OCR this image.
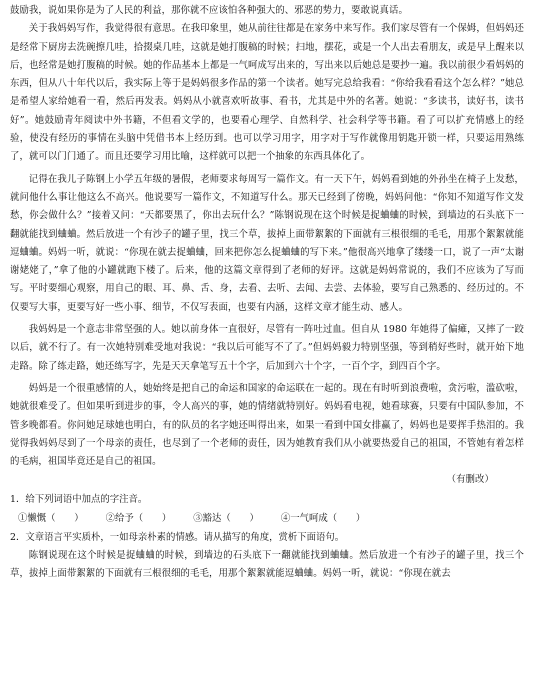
鼓励我，说如果你是为了人民的利益，那你就不应该怕各种强大的、邪恶的势力，要敢说真话。

关于我妈妈写作，我觉得很有意思。在我印象里，她从前往往都是在家务中来写作。我们家尽管有一个保姆，但妈妈还是经常下厨房去洗碗擦几哇，拾掇桌几哇，这就是她打腹稿的时候；扫地，摆花，或是一个人出去看朋友，或是早上醒来以后，也经常是她打腹稿的时候。她的作品基本上都是一气呵成写出来的，写出来以后她总是要抄一遍。我以前很少看妈妈的东西，但从八十年代以后，我实际上等于是妈妈很多作品的第一个读者。她写完总给我看：“你给我看看这个怎么样？”她总是希望人家给她看一看，然后再发表。妈妈从小就喜欢听故事、看书，尤其是中外的名著。她说：“多读书，读好书，读书好”。她鼓励青年阅读中外书籍，不但看文学的，也要看心理学、自然科学、社会科学等书籍。看了可以扩充情感上的经验，使没有经历的事情在头脑中凭借书本上经历到。也可以学习用字，用字对于写作就像用钥匙开锁一样，只要运用熟练了，就可以门门通了。而且还要学习用比喻，这样就可以把一个抽象的东西具体化了。

记得在我儿子陈钢上小学五年级的暑假，老师要求每周写一篇作文。有一天下午，妈妈看到她的外孙坐在椅子上发愁，就问他什么事让他这么不高兴。他说要写一篇作文，不知道写什么。那天已经到了傍晚，妈妈问他：“你知不知道写作文发愁，你会做什么？”接着又问：“天都要黑了，你出去玩什么？”陈钢说现在这个时候是捉蛐蛐的时候，到墙边的石头底下一翻就能找到蛐蛐。然后放进一个有沙子的罐子里，找三个草，拔掉上面带絮絮的下面就有三根很细的毛毛，用那个絮絮就能逗蛐蛐。妈妈一听，就说：“你现在就去捉蛐蛐，回来把你怎么捉蛐蛐的写下来。”他很高兴地拿了缕缕一口，说了一声“太谢谢姥姥了，”拿了他的小罐就跑下楼了。后来，他的这篇文章得到了老师的好评。这就是妈妈常说的，我们不应该为了写而写。平时要细心观察，用自己的眼、耳、鼻、舌、身，去看、去听、去闻、去尝、去体验，要写自己熟悉的、经历过的。不仅要写大事，更要写好一些小事、细节，不仅写表面，也要有内涵，这样文章才能生动、感人。

我妈妈是一个意志非常坚强的人。她以前身体一直很好，尽管有一阵吐过血。但自从 1980 年她得了偏瘫，又摔了一跤以后，就不行了。有一次她特别难受地对我说：“我以后可能写不了了。”但妈妈毅力特别坚强，等到稍好些时，就开始下地走路。除了练走路，她还练写字，先是天天拿笔写五十个字，后加到六十个字，一百个字，到四百个字。

妈妈是一个很重感情的人，她始终是把自己的命运和国家的命运联在一起的。现在有时听到浪费啦，贪污啦，滥砍啦，她就很难受了。但如果听到进步的事，令人高兴的事，她的情绪就特别好。妈妈看电视，她看球赛，只要有中国队参加，不管多晚都看。你问她足球她也明白，有的队员的名字她还叫得出来，如果一看到中国女排赢了，妈妈也是要挥手热泪的。我觉得我妈妈尽到了一个母亲的责任，也尽到了一个老师的责任，因为她教育我们从小就要热爱自己的祖国，不管她有着怎样的毛病，祖国毕竟还是自己的祖国。

（有删改）

1．给下列词语中加点的字注音。

①懒慨（　　） ②给予（　　） ③豁达（　　） ④一气呵成（　　）

2．文章语言平实质朴，一如母亲朴素的情感。请从描写的角度，赏析下面语句。

陈钢说现在这个时候是捉蛐蛐的时候，到墙边的石头底下一翻就能找到蛐蛐。然后放进一个有沙子的罐子里，找三个草，拔掉上面带絮絮的下面就有三根很细的毛毛，用那个絮絮就能逗蛐蛐。妈妈一听，就说：“你现在就去
